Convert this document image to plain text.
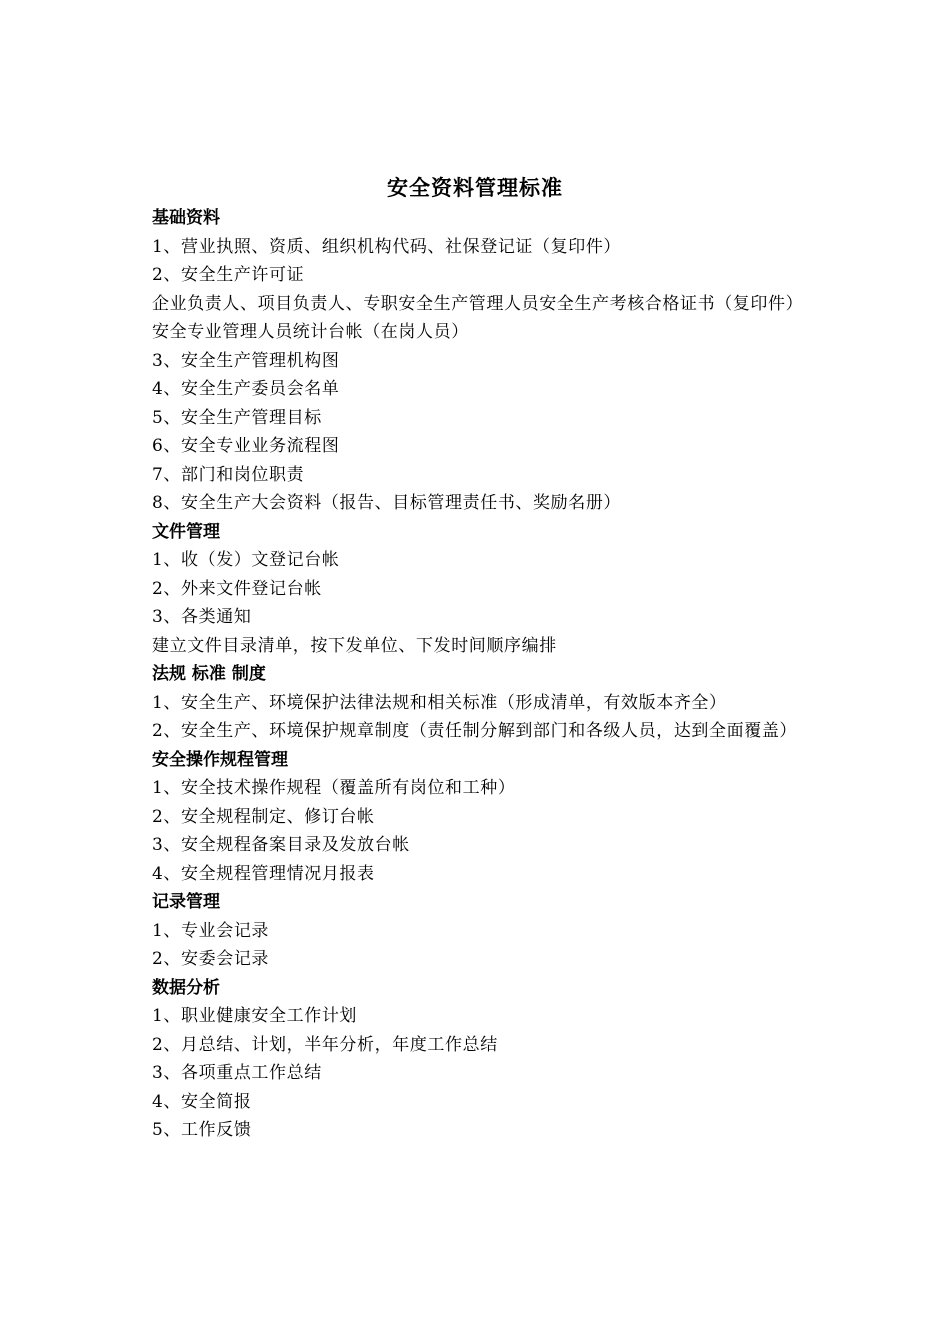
安全资料管理标准

基础资料

1、营业执照、资质、组织机构代码、社保登记证（复印件）

2、安全生产许可证

企业负责人、项目负责人、专职安全生产管理人员安全生产考核合格证书（复印件）

安全专业管理人员统计台帐（在岗人员）

3、安全生产管理机构图

4、安全生产委员会名单

5、安全生产管理目标

6、安全专业业务流程图

7、部门和岗位职责

8、安全生产大会资料（报告、目标管理责任书、奖励名册）

文件管理

1、收（发）文登记台帐

2、外来文件登记台帐

3、各类通知

建立文件目录清单，按下发单位、下发时间顺序编排

法规 标准 制度

1、安全生产、环境保护法律法规和相关标准（形成清单，有效版本齐全）

2、安全生产、环境保护规章制度（责任制分解到部门和各级人员，达到全面覆盖）

安全操作规程管理

1、安全技术操作规程（覆盖所有岗位和工种）

2、安全规程制定、修订台帐

3、安全规程备案目录及发放台帐

4、安全规程管理情况月报表

记录管理

1、专业会记录

2、安委会记录

数据分析

1、职业健康安全工作计划

2、月总结、计划，半年分析，年度工作总结

3、各项重点工作总结

4、安全简报

5、工作反馈
